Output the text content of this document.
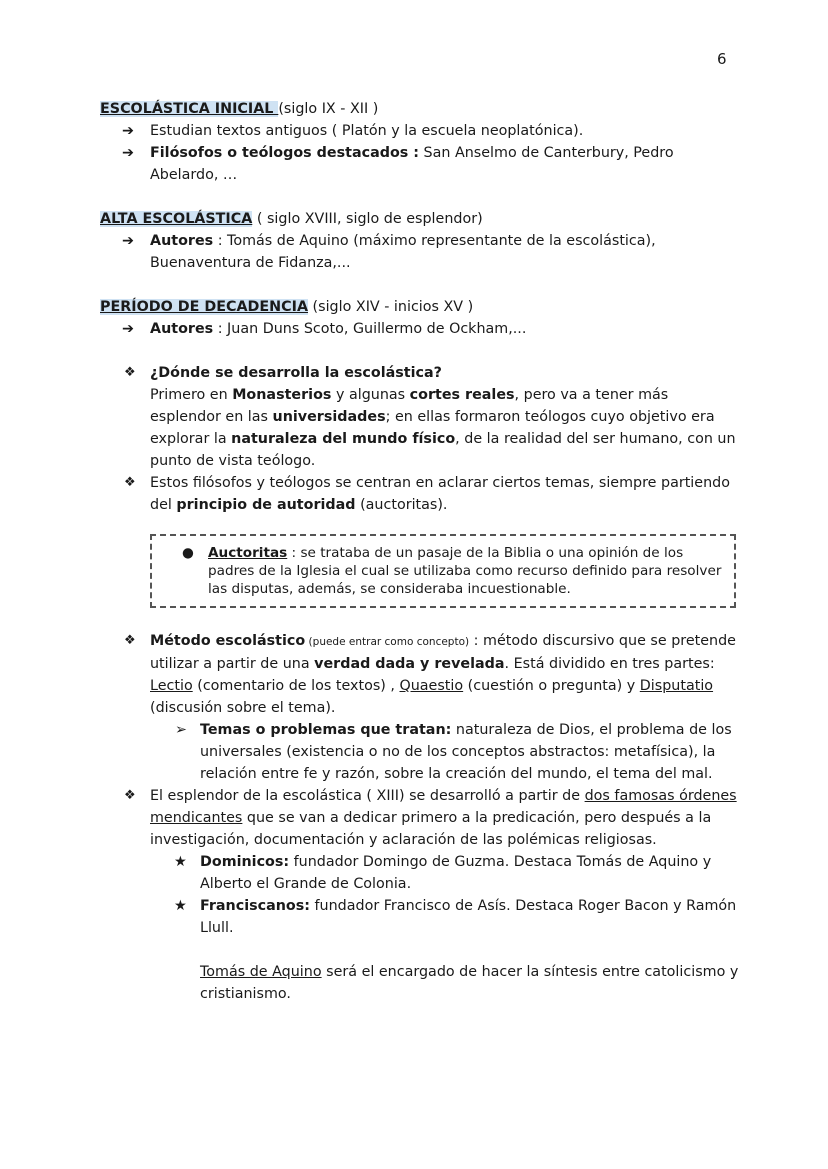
6

ESCOLÁSTICA INICIAL (siglo IX - XII )

➔ Estudian textos antiguos ( Platón y la escuela neoplatónica).
➔ Filósofos o teólogos destacados : San Anselmo de Canterbury, Pedro Abelardo, …

ALTA ESCOLÁSTICA ( siglo XVIII, siglo de esplendor)

➔ Autores : Tomás de Aquino (máximo representante de la escolástica), Buenaventura de Fidanza,...

PERÍODO DE DECADENCIA (siglo XIV - inicios XV )

➔ Autores : Juan Duns Scoto, Guillermo de Ockham,...
❖ ¿Dónde se desarrolla la escolástica?
Primero en Monasterios y algunas cortes reales, pero va a tener más esplendor en las universidades; en ellas formaron teólogos cuyo objetivo era explorar la naturaleza del mundo físico, de la realidad del ser humano, con un punto de vista teólogo.
❖ Estos filósofos y teólogos se centran en aclarar ciertos temas, siempre partiendo del principio de autoridad (auctoritas).
● Auctoritas : se trataba de un pasaje de la Biblia o una opinión de los padres de la Iglesia el cual se utilizaba como recurso definido para resolver las disputas, además, se consideraba incuestionable.
❖ Método escolástico (puede entrar como concepto) : método discursivo que se pretende utilizar a partir de una verdad dada y revelada. Está dividido en tres partes: Lectio (comentario de los textos) , Quaestio (cuestión o pregunta) y Disputatio (discusión sobre el tema).
➢ Temas o problemas que tratan: naturaleza de Dios, el problema de los universales (existencia o no de los conceptos abstractos: metafísica), la relación entre fe y razón, sobre la creación del mundo, el tema del mal.
❖ El esplendor de la escolástica ( XIII) se desarrolló a partir de dos famosas órdenes mendicantes que se van a dedicar primero a la predicación, pero después a la investigación, documentación y aclaración de las polémicas religiosas.
★ Dominicos: fundador Domingo de Guzma. Destaca Tomás de Aquino y Alberto el Grande de Colonia.
★ Franciscanos: fundador Francisco de Asís. Destaca Roger Bacon y Ramón Llull.
Tomás de Aquino será el encargado de hacer la síntesis entre catolicismo y cristianismo.
